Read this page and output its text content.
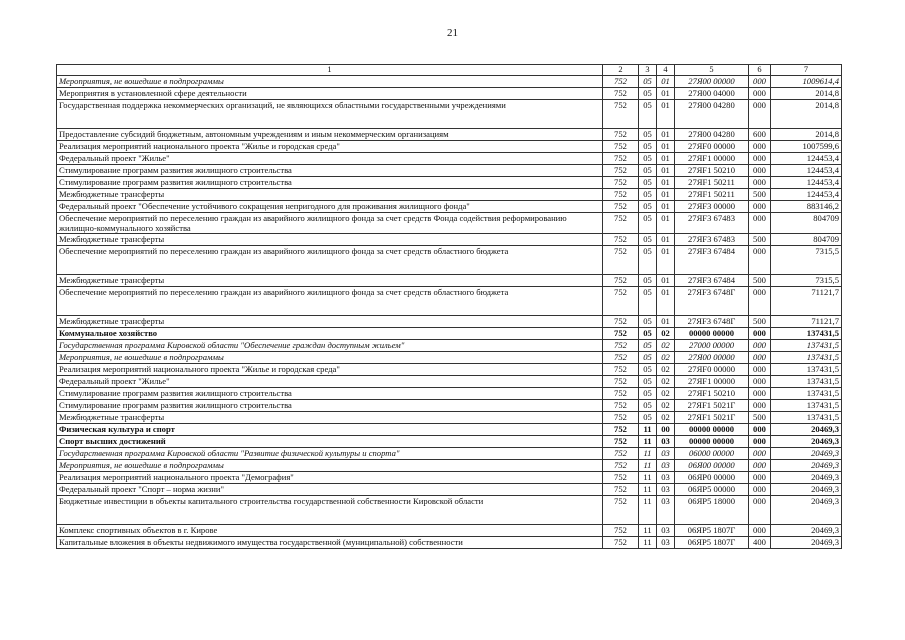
21
1	2	3	4	5	6	7
Мероприятия, не вошедшие в подпрограммы	752	05	01	27Я00 00000	000	1009614,4
Мероприятия в установленной сфере деятельности	752	05	01	27Я00 04000	000	2014,8
Государственная поддержка некоммерческих организаций, не являющихся областными государственными учреждениями	752	05	01	27Я00 04280	000	2014,8
Предоставление субсидий бюджетным, автономным учреждениям и иным некоммерческим организациям	752	05	01	27Я00 04280	600	2014,8
Реализация мероприятий национального проекта "Жилье и городская среда"	752	05	01	27ЯF0 00000	000	1007599,6
Федеральный проект "Жилье"	752	05	01	27ЯF1 00000	000	124453,4
Стимулирование программ развития жилищного строительства	752	05	01	27ЯF1 50210	000	124453,4
Стимулирование программ развития жилищного строительства	752	05	01	27ЯF1 50211	000	124453,4
Межбюджетные трансферты	752	05	01	27ЯF1 50211	500	124453,4
Федеральный проект "Обеспечение устойчивого сокращения непригодного для проживания жилищного фонда"	752	05	01	27ЯF3 00000	000	883146,2
Обеспечение мероприятий по переселению граждан из аварийного жилищного фонда за счет средств Фонда содействия реформированию жилищно-коммунального хозяйства	752	05	01	27ЯF3 67483	000	804709
Межбюджетные трансферты	752	05	01	27ЯF3 67483	500	804709
Обеспечение мероприятий по переселению граждан из аварийного жилищного фонда за счет средств областного бюджета	752	05	01	27ЯF3 67484	000	7315,5
Межбюджетные трансферты	752	05	01	27ЯF3 67484	500	7315,5
Обеспечение мероприятий по переселению граждан из аварийного жилищного фонда за счет средств областного бюджета	752	05	01	27ЯF3 6748Г	000	71121,7
Межбюджетные трансферты	752	05	01	27ЯF3 6748Г	500	71121,7
Коммунальное хозяйство	752	05	02	00000 00000	000	137431,5
Государственная программа Кировской области "Обеспечение граждан доступным жильем"	752	05	02	27000 00000	000	137431,5
Мероприятия, не вошедшие в подпрограммы	752	05	02	27Я00 00000	000	137431,5
Реализация мероприятий национального проекта "Жилье и городская среда"	752	05	02	27ЯF0 00000	000	137431,5
Федеральный проект "Жилье"	752	05	02	27ЯF1 00000	000	137431,5
Стимулирование программ развития жилищного строительства	752	05	02	27ЯF1 50210	000	137431,5
Стимулирование программ развития жилищного строительства	752	05	02	27ЯF1 5021Г	000	137431,5
Межбюджетные трансферты	752	05	02	27ЯF1 5021Г	500	137431,5
Физическая культура и спорт	752	11	00	00000 00000	000	20469,3
Спорт высших достижений	752	11	03	00000 00000	000	20469,3
Государственная программа Кировской области "Развитие физической культуры и спорта"	752	11	03	06000 00000	000	20469,3
Мероприятия, не вошедшие в подпрограммы	752	11	03	06Я00 00000	000	20469,3
Реализация мероприятий национального проекта "Демография"	752	11	03	06ЯР0 00000	000	20469,3
Федеральный проект "Спорт – норма жизни"	752	11	03	06ЯР5 00000	000	20469,3
Бюджетные инвестиции в объекты капитального строительства государственной собственности Кировской области	752	11	03	06ЯР5 18000	000	20469,3
Комплекс спортивных объектов в г. Кирове	752	11	03	06ЯР5 1807Г	000	20469,3
Капитальные вложения в объекты недвижимого имущества государственной (муниципальной) собственности	752	11	03	06ЯР5 1807Г	400	20469,3
